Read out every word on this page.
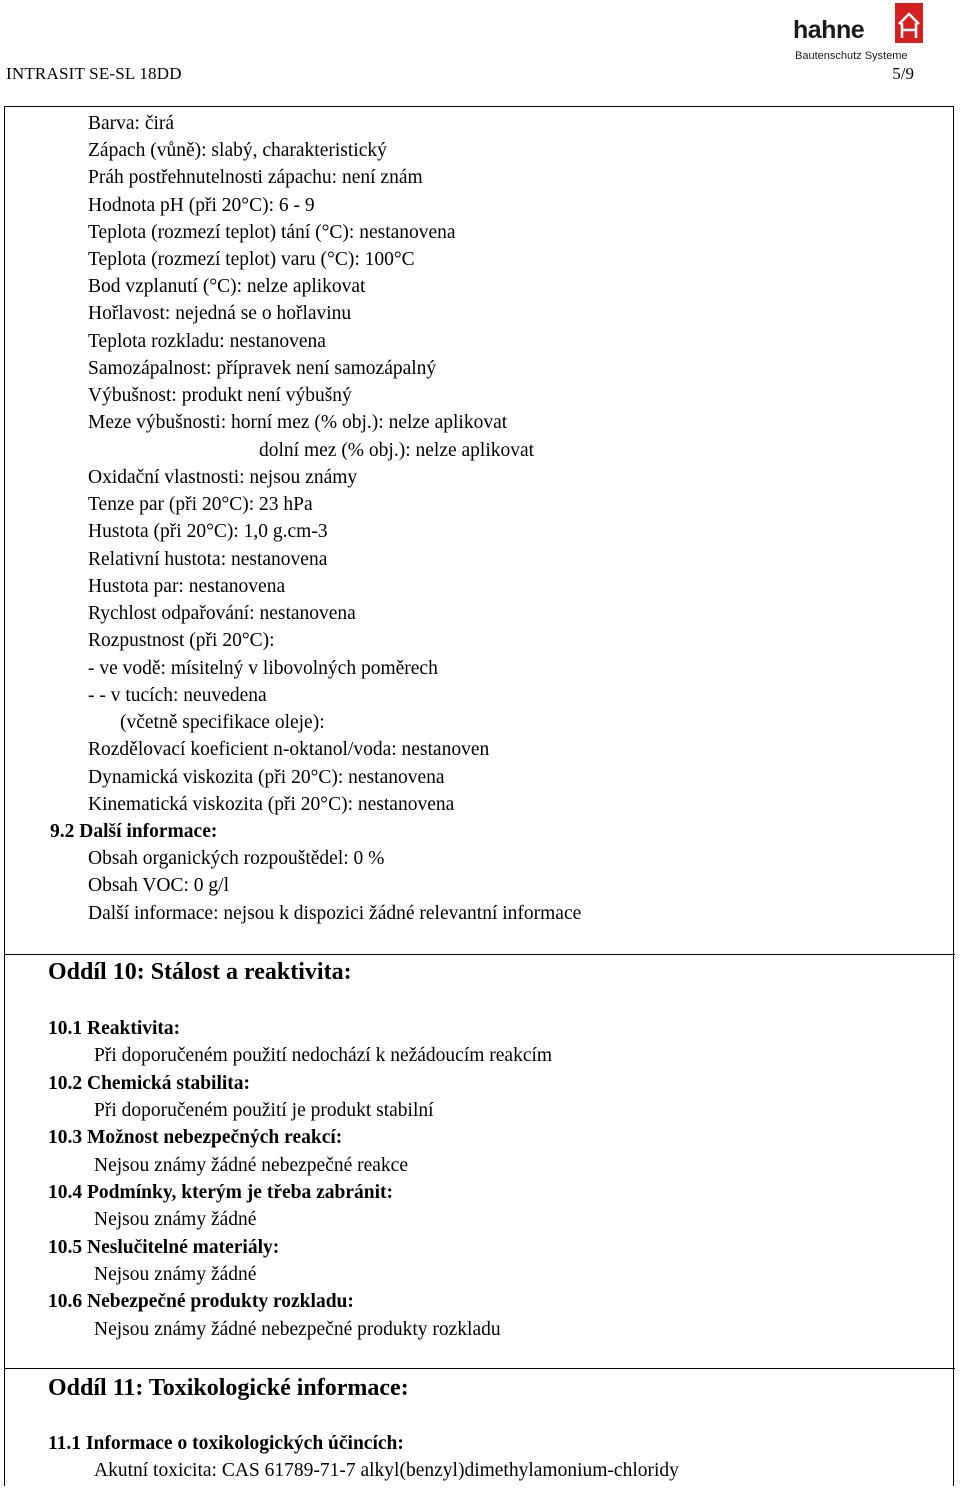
INTRASIT SE-SL 18DD	5/9
hahne
Bautenschutz Systeme
Barva: čirá
Zápach (vůně): slabý, charakteristický
Práh postřehnutelnosti zápachu: není znám
Hodnota pH (při 20°C): 6 - 9
Teplota (rozmezí teplot) tání (°C): nestanovena
Teplota (rozmezí teplot) varu (°C): 100°C
Bod vzplanutí (°C): nelze aplikovat
Hořlavost: nejedná se o hořlavinu
Teplota rozkladu: nestanovena
Samozápalnost: přípravek není samozápalný
Výbušnost: produkt není výbušný
Meze výbušnosti: horní mez (% obj.): nelze aplikovat
dolní mez (% obj.): nelze aplikovat
Oxidační vlastnosti: nejsou známy
Tenze par (při 20°C): 23 hPa
Hustota (při 20°C): 1,0 g.cm-3
Relativní hustota: nestanovena
Hustota par: nestanovena
Rychlost odpařování: nestanovena
Rozpustnost (při 20°C):
- ve vodě: mísitelný v libovolných poměrech
- - v tucích: neuvedena
(včetně specifikace oleje):
Rozdělovací koeficient n-oktanol/voda: nestanoven
Dynamická viskozita (při 20°C): nestanovena
Kinematická viskozita (při 20°C): nestanovena
9.2 Další informace:
Obsah organických rozpouštědel: 0 %
Obsah VOC: 0 g/l
Další informace: nejsou k dispozici žádné relevantní informace
Oddíl 10: Stálost a reaktivita:
10.1 Reaktivita:
Při doporučeném použití nedochází k nežádoucím reakcím
10.2 Chemická stabilita:
Při doporučeném použití je produkt stabilní
10.3 Možnost nebezpečných reakcí:
Nejsou známy žádné nebezpečné reakce
10.4 Podmínky, kterým je třeba zabránit:
Nejsou známy žádné
10.5 Neslučitelné materiály:
Nejsou známy žádné
10.6 Nebezpečné produkty rozkladu:
Nejsou známy žádné nebezpečné produkty rozkladu
Oddíl 11: Toxikologické informace:
11.1 Informace o toxikologických účincích:
Akutní toxicita: CAS 61789-71-7 alkyl(benzyl)dimethylamonium-chloridy
